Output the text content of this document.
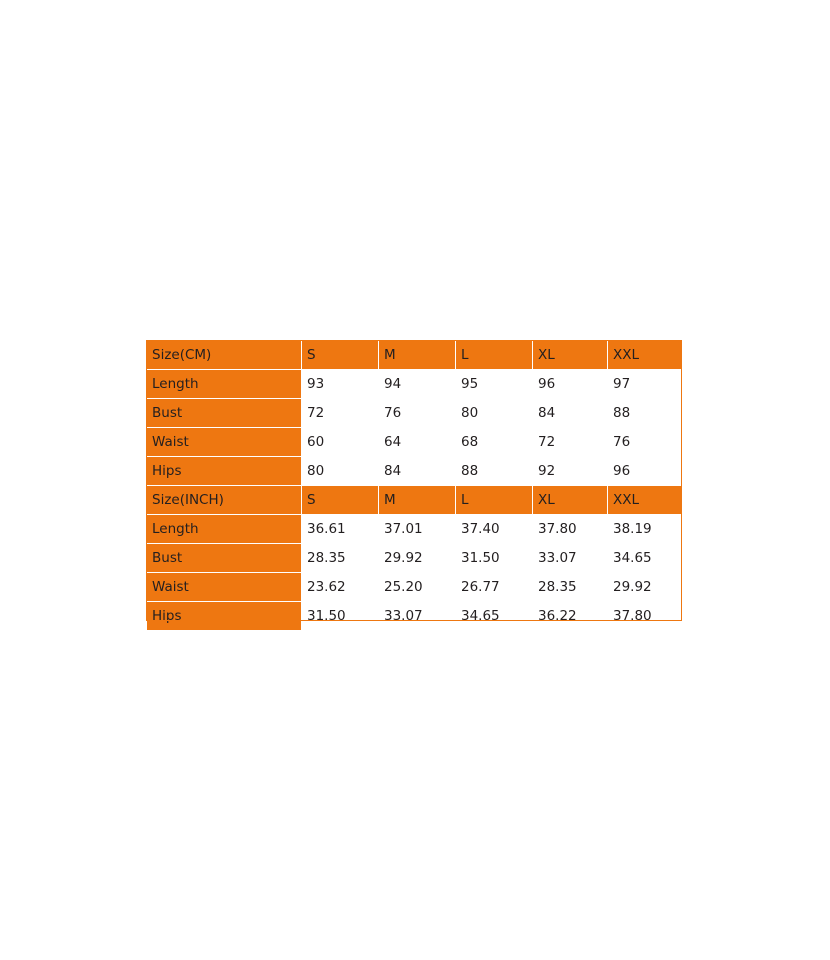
Size(CM)	S	M	L	XL	XXL
Length	93	94	95	96	97
Bust	72	76	80	84	88
Waist	60	64	68	72	76
Hips	80	84	88	92	96
Size(INCH)	S	M	L	XL	XXL
Length	36.61	37.01	37.40	37.80	38.19
Bust	28.35	29.92	31.50	33.07	34.65
Waist	23.62	25.20	26.77	28.35	29.92
Hips	31.50	33.07	34.65	36.22	37.80
